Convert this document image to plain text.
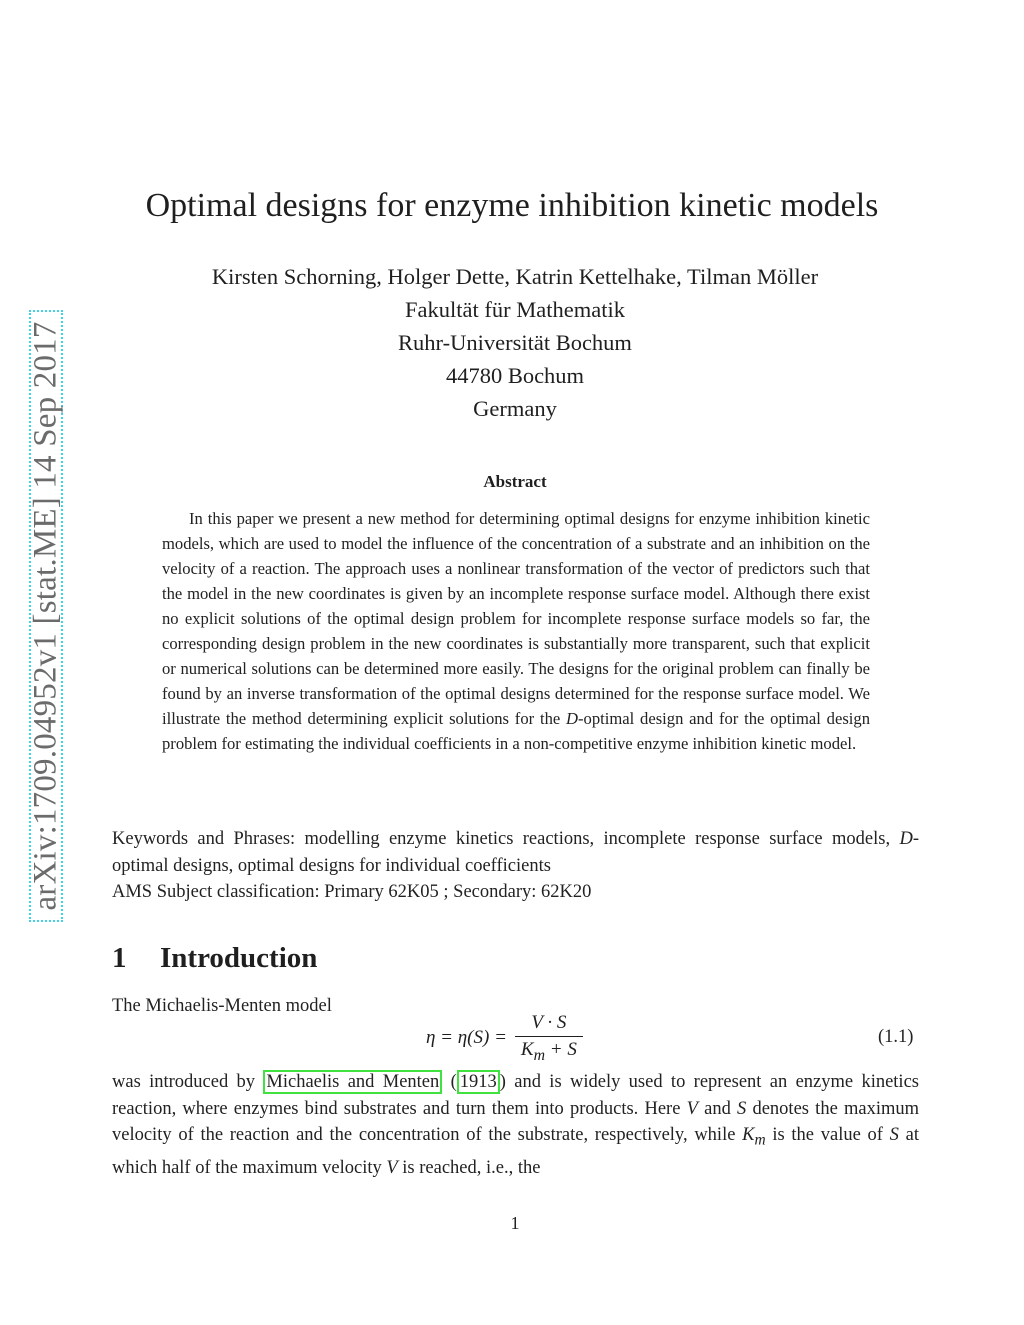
arXiv:1709.04952v1 [stat.ME] 14 Sep 2017
Optimal designs for enzyme inhibition kinetic models
Kirsten Schorning, Holger Dette, Katrin Kettelhake, Tilman Möller
Fakultät für Mathematik
Ruhr-Universität Bochum
44780 Bochum
Germany
Abstract
In this paper we present a new method for determining optimal designs for enzyme inhibition kinetic models, which are used to model the influence of the concentration of a substrate and an inhibition on the velocity of a reaction. The approach uses a nonlinear transformation of the vector of predictors such that the model in the new coordinates is given by an incomplete response surface model. Although there exist no explicit solutions of the optimal design problem for incomplete response surface models so far, the corresponding design problem in the new coordinates is substantially more transparent, such that explicit or numerical solutions can be determined more easily. The designs for the original problem can finally be found by an inverse transformation of the optimal designs determined for the response surface model. We illustrate the method determining explicit solutions for the D-optimal design and for the optimal design problem for estimating the individual coefficients in a non-competitive enzyme inhibition kinetic model.
Keywords and Phrases: modelling enzyme kinetics reactions, incomplete response surface models, D-optimal designs, optimal designs for individual coefficients
AMS Subject classification: Primary 62K05 ; Secondary: 62K20
1 Introduction
The Michaelis-Menten model
$\eta = \eta(S) = \frac{V \cdot S}{K_m + S}$	(1.1)
was introduced by Michaelis and Menten ( 1913 ) and is widely used to represent an enzyme kinetics reaction, where enzymes bind substrates and turn them into products. Here V and S denotes the maximum velocity of the reaction and the concentration of the substrate, respectively, while $K_m$ is the value of S at which half of the maximum velocity V is reached, i.e., the
1
